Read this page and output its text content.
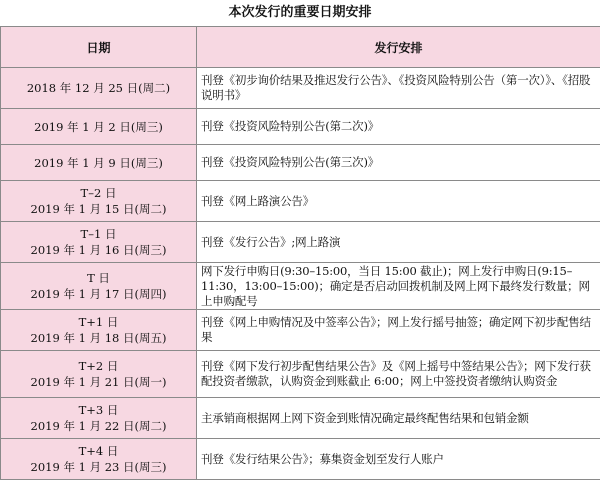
本次发行的重要日期安排
日期	发行安排

2018 年 12 月 25 日(周二)	刊登《初步询价结果及推迟发行公告》、《投资风险特别公告（第一次）》、《招股说明书》

2019 年 1 月 2 日(周三)	刊登《投资风险特别公告(第二次)》

2019 年 1 月 9 日(周三)	刊登《投资风险特别公告(第三次)》

T–2 日
2019 年 1 月 15 日(周二)	刊登《网上路演公告》

T–1 日
2019 年 1 月 16 日(周三)	刊登《发行公告》;网上路演

T 日
2019 年 1 月 17 日(周四)	网下发行申购日(9:30–15:00，当日 15:00 截止)；网上发行申购日(9:15–11:30，13:00–15:00)；确定是否启动回拨机制及网上网下最终发行数量；网上申购配号

T+1 日
2019 年 1 月 18 日(周五)	刊登《网上申购情况及中签率公告》；网上发行摇号抽签；确定网下初步配售结果

T+2 日
2019 年 1 月 21 日(周一)	刊登《网下发行初步配售结果公告》及《网上摇号中签结果公告》；网下发行获配投资者缴款，认购资金到账截止 6:00；网上中签投资者缴纳认购资金

T+3 日
2019 年 1 月 22 日(周二)	主承销商根据网上网下资金到账情况确定最终配售结果和包销金额

T+4 日
2019 年 1 月 23 日(周三)	刊登《发行结果公告》；募集资金划至发行人账户
